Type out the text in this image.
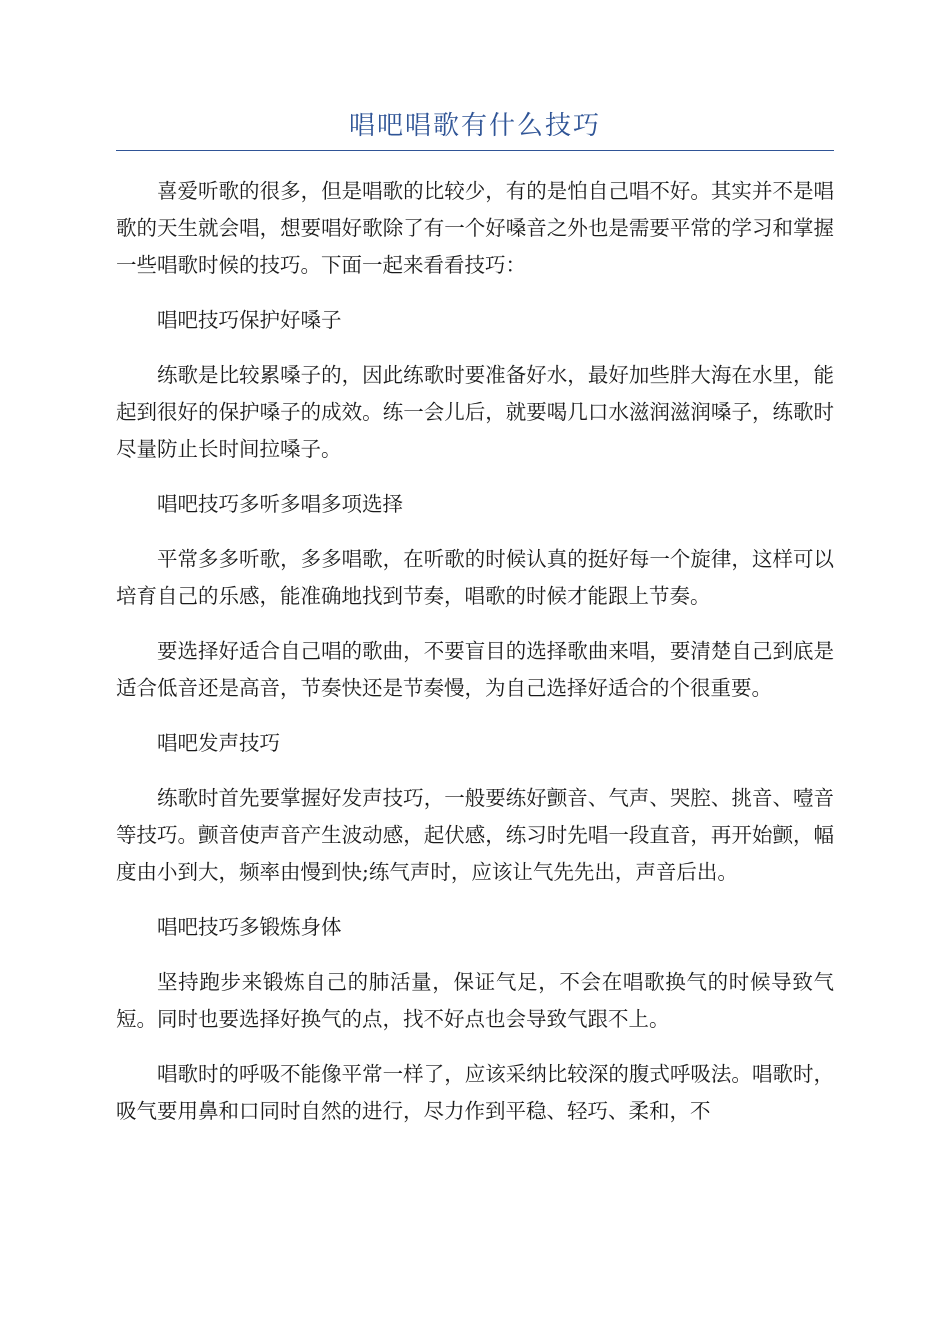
唱吧唱歌有什么技巧

喜爱听歌的很多，但是唱歌的比较少，有的是怕自己唱不好。其实并不是唱歌的天生就会唱，想要唱好歌除了有一个好嗓音之外也是需要平常的学习和掌握一些唱歌时候的技巧。下面一起来看看技巧：

唱吧技巧保护好嗓子

练歌是比较累嗓子的，因此练歌时要准备好水，最好加些胖大海在水里，能起到很好的保护嗓子的成效。练一会儿后，就要喝几口水滋润滋润嗓子，练歌时尽量防止长时间拉嗓子。

唱吧技巧多听多唱多项选择

平常多多听歌，多多唱歌，在听歌的时候认真的挺好每一个旋律，这样可以培育自己的乐感，能准确地找到节奏，唱歌的时候才能跟上节奏。

要选择好适合自己唱的歌曲，不要盲目的选择歌曲来唱，要清楚自己到底是适合低音还是高音，节奏快还是节奏慢，为自己选择好适合的个很重要。

唱吧发声技巧

练歌时首先要掌握好发声技巧，一般要练好颤音、气声、哭腔、挑音、噎音等技巧。颤音使声音产生波动感，起伏感，练习时先唱一段直音，再开始颤，幅度由小到大，频率由慢到快;练气声时，应该让气先先出，声音后出。

唱吧技巧多锻炼身体

坚持跑步来锻炼自己的肺活量，保证气足，不会在唱歌换气的时候导致气短。同时也要选择好换气的点，找不好点也会导致气跟不上。

唱歌时的呼吸不能像平常一样了，应该采纳比较深的腹式呼吸法。唱歌时，吸气要用鼻和口同时自然的进行，尽力作到平稳、轻巧、柔和，不
